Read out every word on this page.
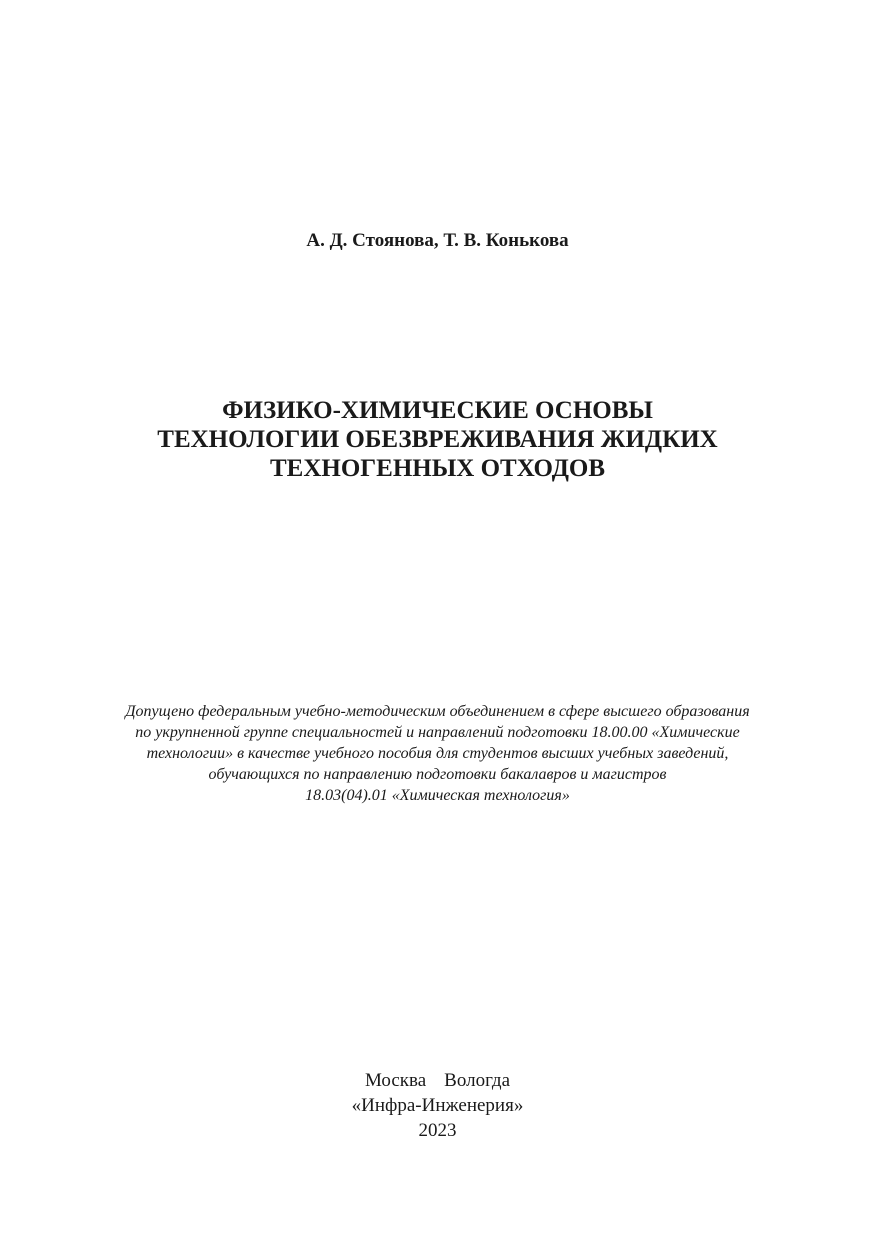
А. Д. Стоянова, Т. В. Конькова
ФИЗИКО-ХИМИЧЕСКИЕ ОСНОВЫ
ТЕХНОЛОГИИ ОБЕЗВРЕЖИВАНИЯ ЖИДКИХ
ТЕХНОГЕННЫХ ОТХОДОВ
Допущено федеральным учебно-методическим объединением в сфере высшего образования
по укрупненной группе специальностей и направлений подготовки 18.00.00 «Химические
технологии» в качестве учебного пособия для студентов высших учебных заведений,
обучающихся по направлению подготовки бакалавров и магистров
18.03(04).01 «Химическая технология»
Москва Вологда
«Инфра-Инженерия»
2023
